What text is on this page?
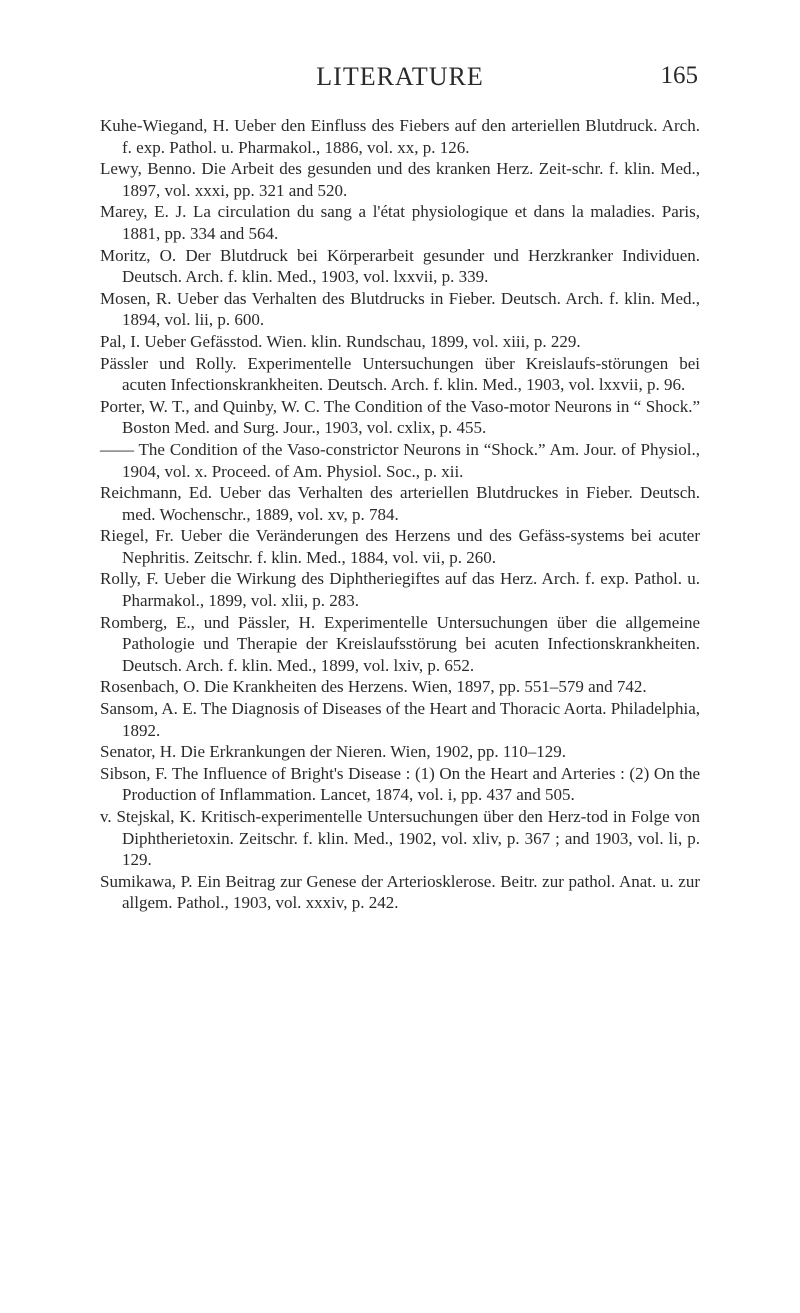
LITERATURE	165
Kuhe-Wiegand, H. Ueber den Einfluss des Fiebers auf den arteriellen Blutdruck. Arch. f. exp. Pathol. u. Pharmakol., 1886, vol. xx, p. 126.
Lewy, Benno. Die Arbeit des gesunden und des kranken Herz. Zeit-schr. f. klin. Med., 1897, vol. xxxi, pp. 321 and 520.
Marey, E. J. La circulation du sang a l'état physiologique et dans la maladies. Paris, 1881, pp. 334 and 564.
Moritz, O. Der Blutdruck bei Körperarbeit gesunder und Herzkranker Individuen. Deutsch. Arch. f. klin. Med., 1903, vol. lxxvii, p. 339.
Mosen, R. Ueber das Verhalten des Blutdrucks in Fieber. Deutsch. Arch. f. klin. Med., 1894, vol. lii, p. 600.
Pal, I. Ueber Gefässtod. Wien. klin. Rundschau, 1899, vol. xiii, p. 229.
Pässler und Rolly. Experimentelle Untersuchungen über Kreislaufs-störungen bei acuten Infectionskrankheiten. Deutsch. Arch. f. klin. Med., 1903, vol. lxxvii, p. 96.
Porter, W. T., and Quinby, W. C. The Condition of the Vaso-motor Neurons in “ Shock.” Boston Med. and Surg. Jour., 1903, vol. cxlix, p. 455.
—— The Condition of the Vaso-constrictor Neurons in “Shock.” Am. Jour. of Physiol., 1904, vol. x. Proceed. of Am. Physiol. Soc., p. xii.
Reichmann, Ed. Ueber das Verhalten des arteriellen Blutdruckes in Fieber. Deutsch. med. Wochenschr., 1889, vol. xv, p. 784.
Riegel, Fr. Ueber die Veränderungen des Herzens und des Gefäss-systems bei acuter Nephritis. Zeitschr. f. klin. Med., 1884, vol. vii, p. 260.
Rolly, F. Ueber die Wirkung des Diphtheriegiftes auf das Herz. Arch. f. exp. Pathol. u. Pharmakol., 1899, vol. xlii, p. 283.
Romberg, E., und Pässler, H. Experimentelle Untersuchungen über die allgemeine Pathologie und Therapie der Kreislaufsstörung bei acuten Infectionskrankheiten. Deutsch. Arch. f. klin. Med., 1899, vol. lxiv, p. 652.
Rosenbach, O. Die Krankheiten des Herzens. Wien, 1897, pp. 551–579 and 742.
Sansom, A. E. The Diagnosis of Diseases of the Heart and Thoracic Aorta. Philadelphia, 1892.
Senator, H. Die Erkrankungen der Nieren. Wien, 1902, pp. 110–129.
Sibson, F. The Influence of Bright's Disease : (1) On the Heart and Arteries : (2) On the Production of Inflammation. Lancet, 1874, vol. i, pp. 437 and 505.
v. Stejskal, K. Kritisch-experimentelle Untersuchungen über den Herz-tod in Folge von Diphtherietoxin. Zeitschr. f. klin. Med., 1902, vol. xliv, p. 367 ; and 1903, vol. li, p. 129.
Sumikawa, P. Ein Beitrag zur Genese der Arteriosklerose. Beitr. zur pathol. Anat. u. zur allgem. Pathol., 1903, vol. xxxiv, p. 242.
